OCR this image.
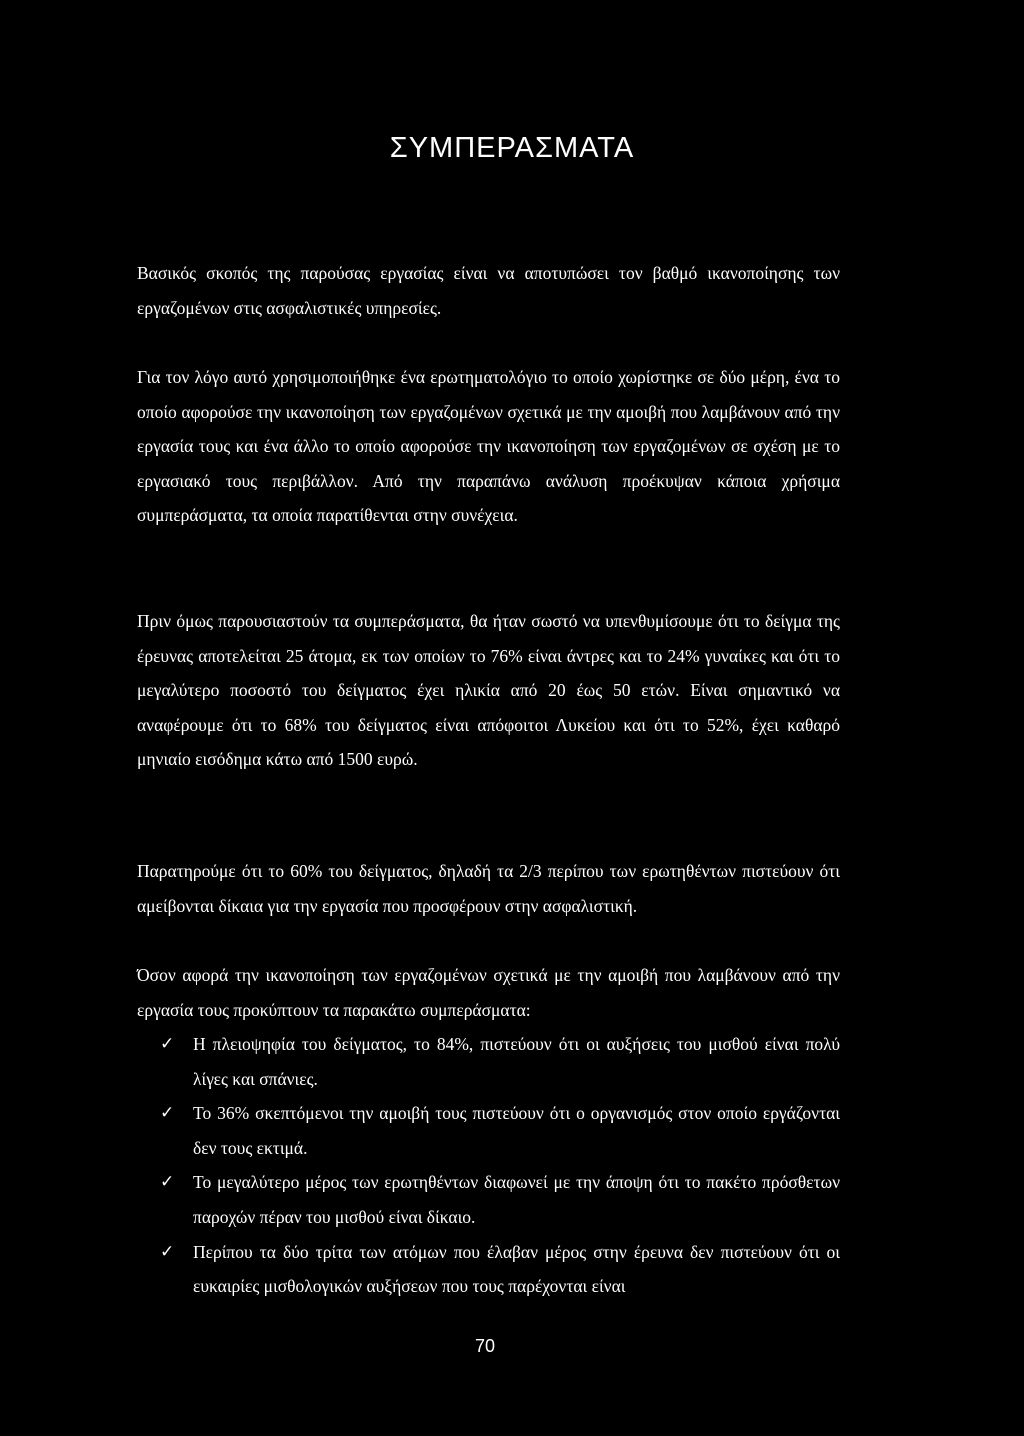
ΣΥΜΠΕΡΑΣΜΑΤΑ

Βασικός σκοπός της παρούσας εργασίας είναι να αποτυπώσει τον βαθμό ικανοποίησης των εργαζομένων στις ασφαλιστικές υπηρεσίες.

Για τον λόγο αυτό χρησιμοποιήθηκε ένα ερωτηματολόγιο το οποίο χωρίστηκε σε δύο μέρη, ένα το οποίο αφορούσε την ικανοποίηση των εργαζομένων σχετικά με την αμοιβή που λαμβάνουν από την εργασία τους και ένα άλλο το οποίο αφορούσε την ικανοποίηση των εργαζομένων σε σχέση με το εργασιακό τους περιβάλλον. Από την παραπάνω ανάλυση προέκυψαν κάποια χρήσιμα συμπεράσματα, τα οποία παρατίθενται στην συνέχεια.

Πριν όμως παρουσιαστούν τα συμπεράσματα, θα ήταν σωστό να υπενθυμίσουμε ότι το δείγμα της έρευνας αποτελείται 25 άτομα, εκ των οποίων το 76% είναι άντρες και το 24% γυναίκες και ότι το μεγαλύτερο ποσοστό του δείγματος έχει ηλικία από 20 έως 50 ετών. Είναι σημαντικό να αναφέρουμε ότι το 68% του δείγματος είναι απόφοιτοι Λυκείου και ότι το 52%, έχει καθαρό μηνιαίο εισόδημα κάτω από 1500 ευρώ.

Παρατηρούμε ότι το 60% του δείγματος, δηλαδή τα 2/3 περίπου των ερωτηθέντων πιστεύουν ότι αμείβονται δίκαια για την εργασία που προσφέρουν στην ασφαλιστική.

Όσον αφορά την ικανοποίηση των εργαζομένων σχετικά με την αμοιβή που λαμβάνουν από την εργασία τους προκύπτουν τα παρακάτω συμπεράσματα:

✓ Η πλειοψηφία του δείγματος, το 84%, πιστεύουν ότι οι αυξήσεις του μισθού είναι πολύ λίγες και σπάνιες.
✓ Το 36% σκεπτόμενοι την αμοιβή τους πιστεύουν ότι ο οργανισμός στον οποίο εργάζονται δεν τους εκτιμά.
✓ Το μεγαλύτερο μέρος των ερωτηθέντων διαφωνεί με την άποψη ότι το πακέτο πρόσθετων παροχών πέραν του μισθού είναι δίκαιο.
✓ Περίπου τα δύο τρίτα των ατόμων που έλαβαν μέρος στην έρευνα δεν πιστεύουν ότι οι ευκαιρίες μισθολογικών αυξήσεων που τους παρέχονται είναι
70
